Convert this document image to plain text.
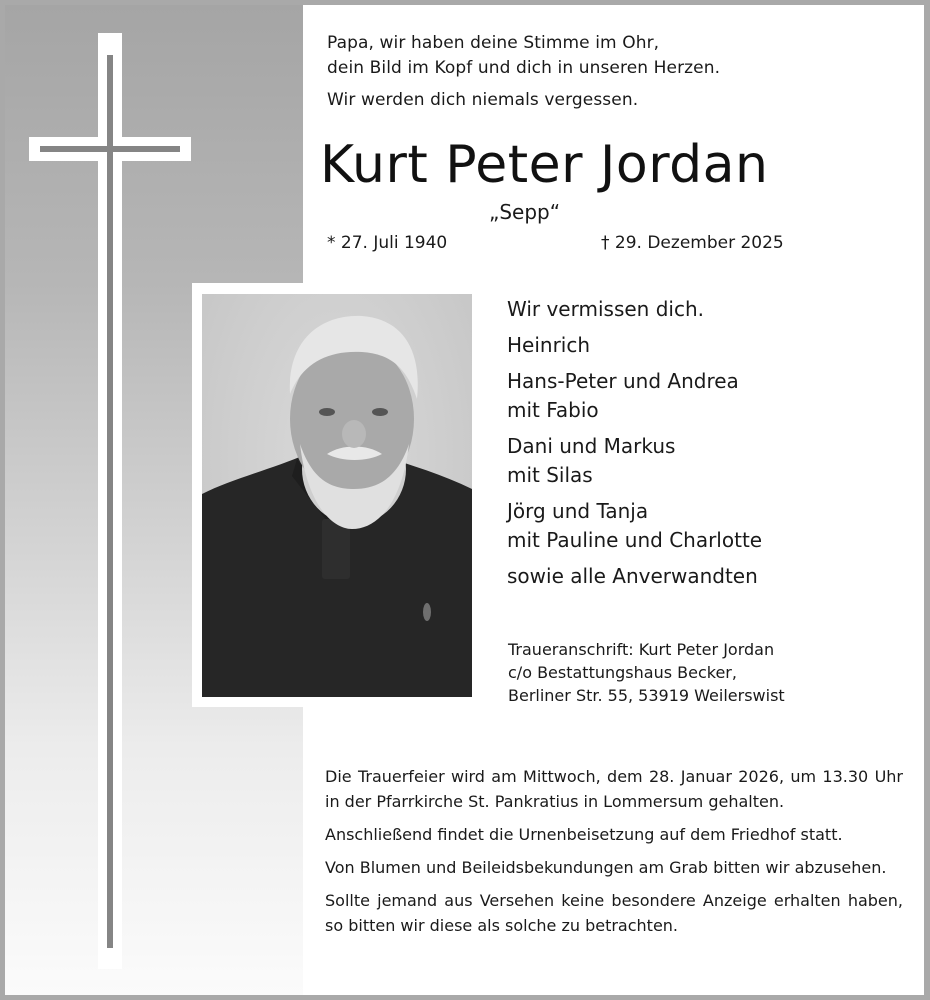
Papa, wir haben deine Stimme im Ohr,
dein Bild im Kopf und dich in unseren Herzen.
Wir werden dich niemals vergessen.
Kurt Peter Jordan
„Sepp“
* 27. Juli 1940	† 29. Dezember 2025
Wir vermissen dich.
Heinrich
Hans-Peter und Andrea
mit Fabio
Dani und Markus
mit Silas
Jörg und Tanja
mit Pauline und Charlotte
sowie alle Anverwandten
Traueranschrift: Kurt Peter Jordan
c/o Bestattungshaus Becker,
Berliner Str. 55, 53919 Weilerswist

Die Trauerfeier wird am Mittwoch, dem 28. Januar 2026, um 13.30 Uhr in der Pfarrkirche St. Pankratius in Lommersum gehalten.

Anschließend findet die Urnenbeisetzung auf dem Friedhof statt.

Von Blumen und Beileidsbekundungen am Grab bitten wir abzusehen.

Sollte jemand aus Versehen keine besondere Anzeige erhalten haben, so bitten wir diese als solche zu betrachten.
